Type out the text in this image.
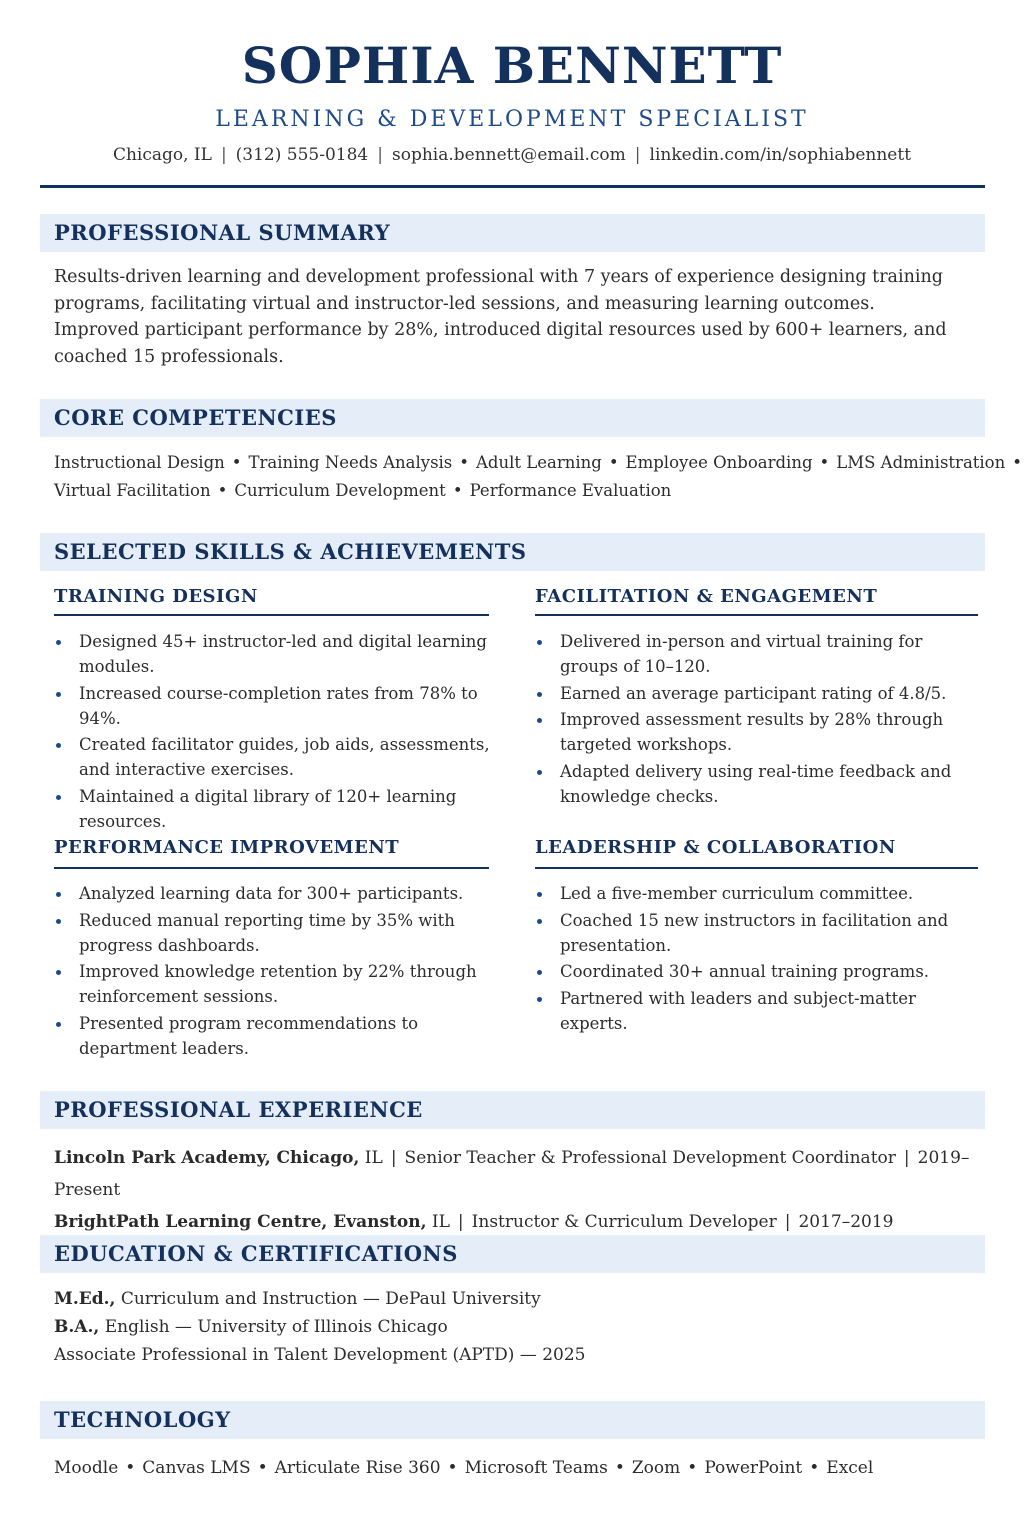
SOPHIA BENNETT
LEARNING & DEVELOPMENT SPECIALIST
Chicago, IL | (312) 555-0184 | sophia.bennett@email.com | linkedin.com/in/sophiabennett
PROFESSIONAL SUMMARY

Results-driven learning and development professional with 7 years of experience designing training programs, facilitating virtual and instructor-led sessions, and measuring learning outcomes. Improved participant performance by 28%, introduced digital resources used by 600+ learners, and coached 15 professionals.

CORE COMPETENCIES

Instructional Design • Training Needs Analysis • Adult Learning • Employee Onboarding • LMS Administration •
Virtual Facilitation • Curriculum Development • Performance Evaluation

SELECTED SKILLS & ACHIEVEMENTS
TRAINING DESIGN
Designed 45+ instructor-led and digital learning modules.
Increased course-completion rates from 78% to 94%.
Created facilitator guides, job aids, assessments, and interactive exercises.
Maintained a digital library of 120+ learning resources.
FACILITATION & ENGAGEMENT
Delivered in-person and virtual training for groups of 10–120.
Earned an average participant rating of 4.8/5.
Improved assessment results by 28% through targeted workshops.
Adapted delivery using real-time feedback and knowledge checks.
PERFORMANCE IMPROVEMENT
Analyzed learning data for 300+ participants.
Reduced manual reporting time by 35% with progress dashboards.
Improved knowledge retention by 22% through reinforcement sessions.
Presented program recommendations to department leaders.
LEADERSHIP & COLLABORATION
Led a five-member curriculum committee.
Coached 15 new instructors in facilitation and presentation.
Coordinated 30+ annual training programs.
Partnered with leaders and subject-matter experts.
PROFESSIONAL EXPERIENCE
Lincoln Park Academy, Chicago, IL | Senior Teacher & Professional Development Coordinator | 2019–Present
BrightPath Learning Centre, Evanston, IL | Instructor & Curriculum Developer | 2017–2019
EDUCATION & CERTIFICATIONS
M.Ed., Curriculum and Instruction — DePaul University
B.A., English — University of Illinois Chicago
Associate Professional in Talent Development (APTD) — 2025
TECHNOLOGY

Moodle • Canvas LMS • Articulate Rise 360 • Microsoft Teams • Zoom • PowerPoint • Excel
